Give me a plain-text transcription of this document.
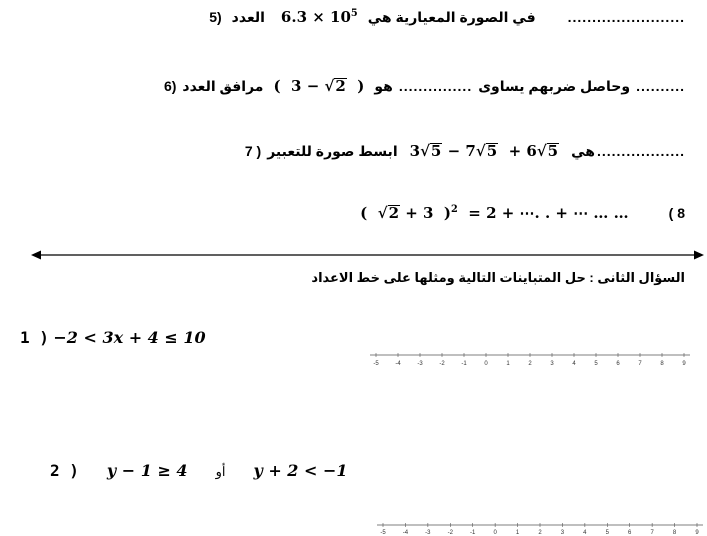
5) العدد $6.3 \times 10^5$ في الصورة المعيارية هي ........................
6) مرافق العدد ( 3 − √2 ) هو ............... وحاصل ضربهم يساوى ..........
7 ) ابسط صورة للتعبير 3√5 − 7√5 + 6√5 هي ..................
( √2 + 3 )$^2$ = 2 + ⋯. . + ⋯ … …	( 8
السؤال الثانى : حل المتباينات التالية ومثلها على خط الاعداد
1 ) −2 < 3x + 4 ≤ 10
-5	-4	-3	-2	-1	0	1	2	3	4	5	6	7	8	9
2 ) y − 1 ≥ 4 أو y + 2 < −1
-5	-4	-3	-2	-1	0	1	2	3	4	5	6	7	8	9
